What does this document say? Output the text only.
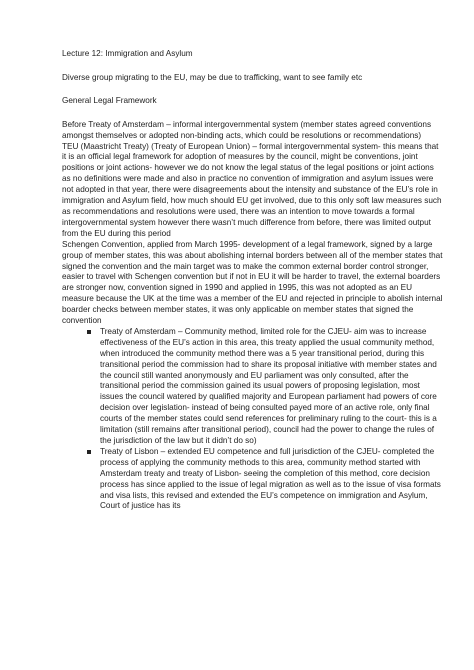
Lecture 12: Immigration and Asylum

Diverse group migrating to the EU, may be due to trafficking, want to see family etc

General Legal Framework

Before Treaty of Amsterdam – informal intergovernmental system (member states agreed conventions amongst themselves or adopted non-binding acts, which could be resolutions or recommendations)

TEU (Maastricht Treaty) (Treaty of European Union) – formal intergovernmental system- this means that it is an official legal framework for adoption of measures by the council, might be conventions, joint positions or joint actions- however we do not know the legal status of the legal positions or joint actions as no definitions were made and also in practice no convention of immigration and asylum issues were not adopted in that year, there were disagreements about the intensity and substance of the EU’s role in immigration and Asylum field, how much should EU get involved, due to this only soft law measures such as recommendations and resolutions were used, there was an intention to move towards a formal intergovernmental system however there wasn’t much difference from before, there was limited output from the EU during this period

Schengen Convention, applied from March 1995- development of a legal framework, signed by a large group of member states, this was about abolishing internal borders between all of the member states that signed the convention and the main target was to make the common external border control stronger, easier to travel with Schengen convention but if not in EU it will be harder to travel, the external boarders are stronger now, convention signed in 1990 and applied in 1995, this was not adopted as an EU measure because the UK at the time was a member of the EU and rejected in principle to abolish internal boarder checks between member states, it was only applicable on member states that signed the convention

Treaty of Amsterdam – Community method, limited role for the CJEU- aim was to increase effectiveness of the EU’s action in this area, this treaty applied the usual community method, when introduced the community method there was a 5 year transitional period, during this transitional period the commission had to share its proposal initiative with member states and the council still wanted anonymously and EU parliament was only consulted, after the transitional period the commission gained its usual powers of proposing legislation, most issues the council watered by qualified majority and European parliament had powers of core decision over legislation- instead of being consulted payed more of an active role, only final courts of the member states could send references for preliminary ruling to the court- this is a limitation (still remains after transitional period), council had the power to change the rules of the jurisdiction of the law but it didn’t do so)
Treaty of Lisbon – extended EU competence and full jurisdiction of the CJEU- completed the process of applying the community methods to this area, community method started with Amsterdam treaty and treaty of Lisbon- seeing the completion of this method, core decision process has since applied to the issue of legal migration as well as to the issue of visa formats and visa lists, this revised and extended the EU’s competence on immigration and Asylum, Court of justice has its
